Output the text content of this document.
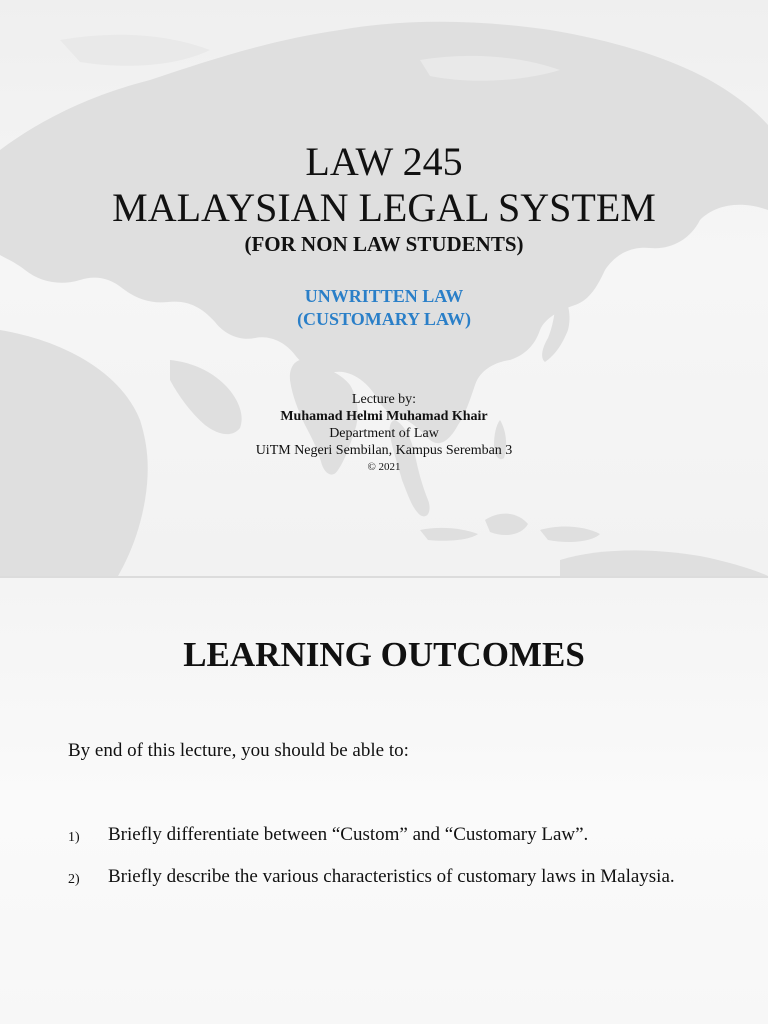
LAW 245
MALAYSIAN LEGAL SYSTEM
(FOR NON LAW STUDENTS)
UNWRITTEN LAW
(CUSTOMARY LAW)
Lecture by:
Muhamad Helmi Muhamad Khair
Department of Law
UiTM Negeri Sembilan, Kampus Seremban 3
© 2021
LEARNING OUTCOMES
By end of this lecture, you should be able to:
1) Briefly differentiate between “Custom” and “Customary Law”.
2) Briefly describe the various characteristics of customary laws in Malaysia.
